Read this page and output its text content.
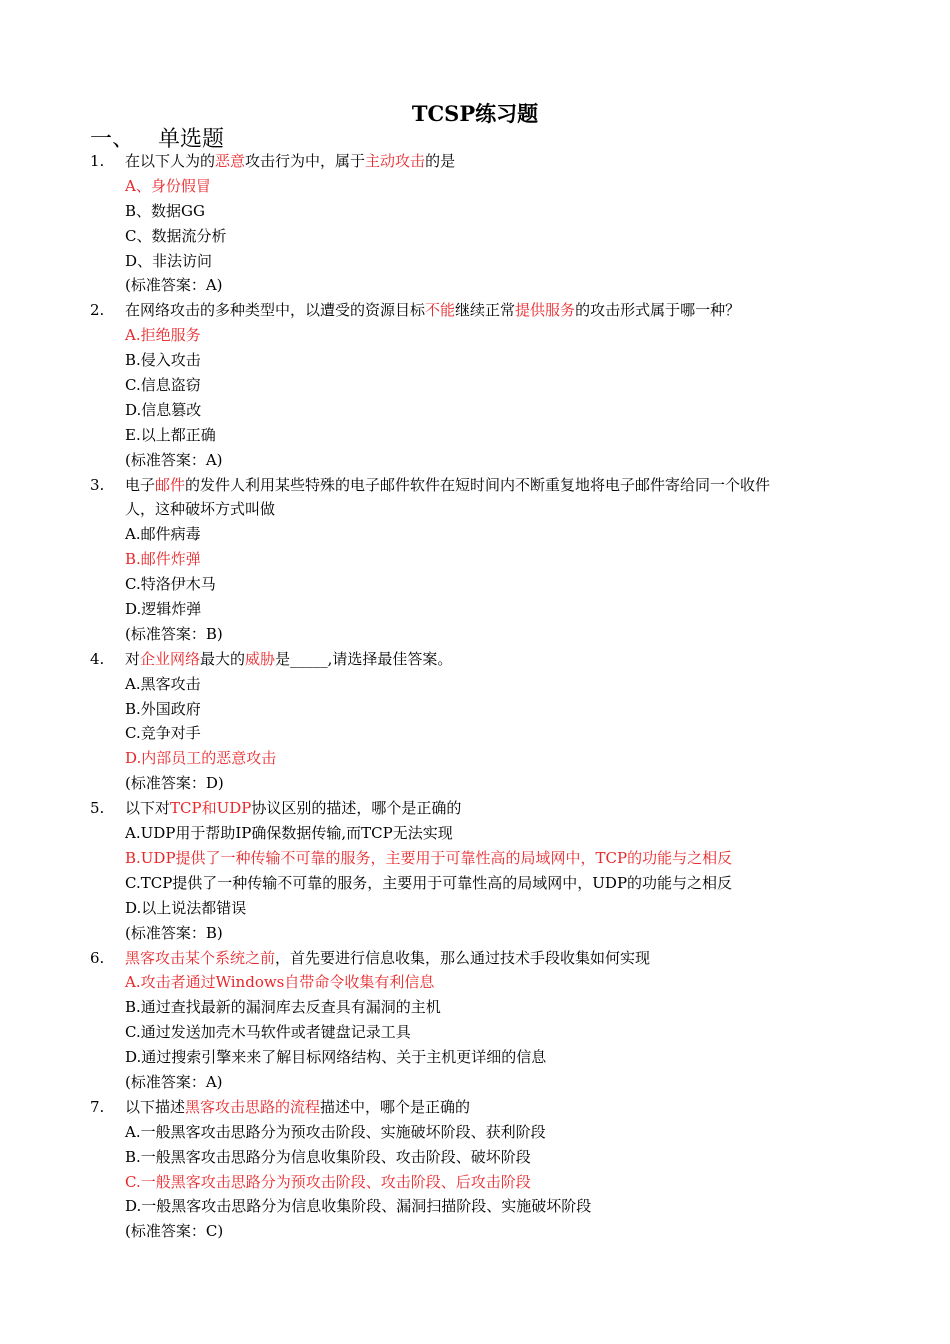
TCSP练习题
一、 单选题
1. 在以下人为的恶意攻击行为中，属于主动攻击的是
A、身份假冒
B、数据GG
C、数据流分析
D、非法访问
(标准答案：A)
2. 在网络攻击的多种类型中，以遭受的资源目标不能继续正常提供服务的攻击形式属于哪一种？
A.拒绝服务
B.侵入攻击
C.信息盗窃
D.信息篡改
E.以上都正确
(标准答案：A)
3. 电子邮件的发件人利用某些特殊的电子邮件软件在短时间内不断重复地将电子邮件寄给同一个收件
人，这种破坏方式叫做
A.邮件病毒
B.邮件炸弹
C.特洛伊木马
D.逻辑炸弹
(标准答案：B)
4. 对企业网络最大的威胁是_____,请选择最佳答案。
A.黑客攻击
B.外国政府
C.竞争对手
D.内部员工的恶意攻击
(标准答案：D)
5. 以下对TCP和UDP协议区别的描述，哪个是正确的
A.UDP用于帮助IP确保数据传输,而TCP无法实现
B.UDP提供了一种传输不可靠的服务，主要用于可靠性高的局域网中，TCP的功能与之相反
C.TCP提供了一种传输不可靠的服务，主要用于可靠性高的局域网中，UDP的功能与之相反
D.以上说法都错误
(标准答案：B)
6. 黑客攻击某个系统之前，首先要进行信息收集，那么通过技术手段收集如何实现
A.攻击者通过Windows自带命令收集有利信息
B.通过查找最新的漏洞库去反查具有漏洞的主机
C.通过发送加壳木马软件或者键盘记录工具
D.通过搜索引擎来来了解目标网络结构、关于主机更详细的信息
(标准答案：A)
7. 以下描述黑客攻击思路的流程描述中，哪个是正确的
A.一般黑客攻击思路分为预攻击阶段、实施破坏阶段、获利阶段
B.一般黑客攻击思路分为信息收集阶段、攻击阶段、破坏阶段
C.一般黑客攻击思路分为预攻击阶段、攻击阶段、后攻击阶段
D.一般黑客攻击思路分为信息收集阶段、漏洞扫描阶段、实施破坏阶段
(标准答案：C)
